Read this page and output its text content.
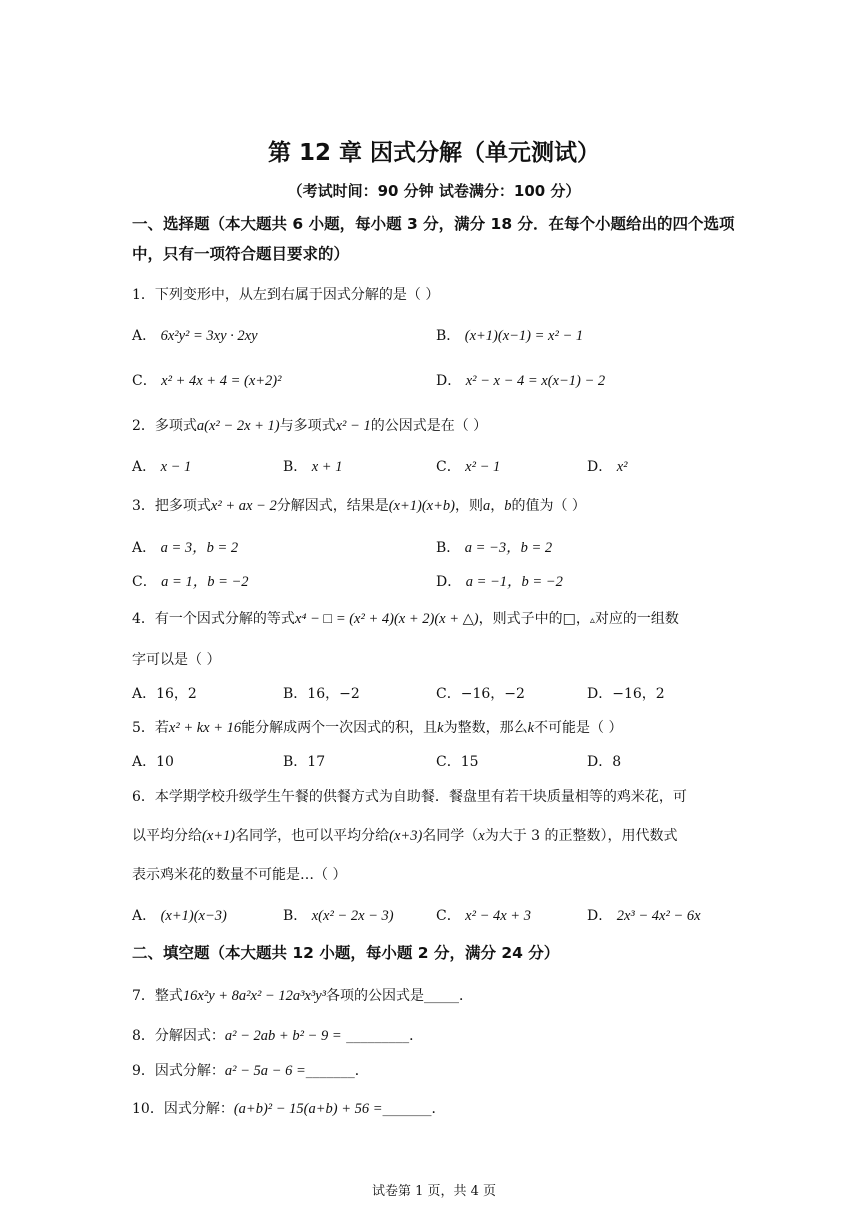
第 12 章 因式分解（单元测试）
（考试时间：90 分钟 试卷满分：100 分）
一、选择题（本大题共 6 小题，每小题 3 分，满分 18 分．在每个小题给出的四个选项中，只有一项符合题目要求的）
1．下列变形中，从左到右属于因式分解的是（ ）
A． 6x²y² = 3xy · 2xy	B． (x+1)(x−1) = x² − 1
C． x² + 4x + 4 = (x+2)²	D． x² − x − 4 = x(x−1) − 2
2．多项式a(x² − 2x + 1)与多项式x² − 1的公因式是在（ ）
A． x − 1	B． x + 1	C． x² − 1	D． x²
3．把多项式x² + ax − 2分解因式，结果是(x+1)(x+b)，则a，b的值为（ ）
A． a = 3，b = 2	B． a = −3，b = 2
C． a = 1，b = −2	D． a = −1，b = −2
4．有一个因式分解的等式x⁴ − □ = (x² + 4)(x + 2)(x + △)，则式子中的□，▵对应的一组数
字可以是（ ）
A．16，2	B．16，−2	C．−16，−2	D．−16，2
5．若x² + kx + 16能分解成两个一次因式的积，且k为整数，那么k不可能是（ ）
A．10	B．17	C．15	D．8
6．本学期学校升级学生午餐的供餐方式为自助餐．餐盘里有若干块质量相等的鸡米花，可
以平均分给(x+1)名同学，也可以平均分给(x+3)名同学（x为大于 3 的正整数），用代数式
表示鸡米花的数量不可能是…（ ）
A． (x+1)(x−3)	B． x(x² − 2x − 3)	C． x² − 4x + 3	D． 2x³ − 4x² − 6x
二、填空题（本大题共 12 小题，每小题 2 分，满分 24 分）
7．整式16x²y + 8a²x² − 12a³x³y³各项的公因式是_____．
8．分解因式：a² − 2ab + b² − 9 = _________．
9．因式分解：a² − 5a − 6 =_______．
10．因式分解：(a+b)² − 15(a+b) + 56 =_______．
试卷第 1 页，共 4 页
